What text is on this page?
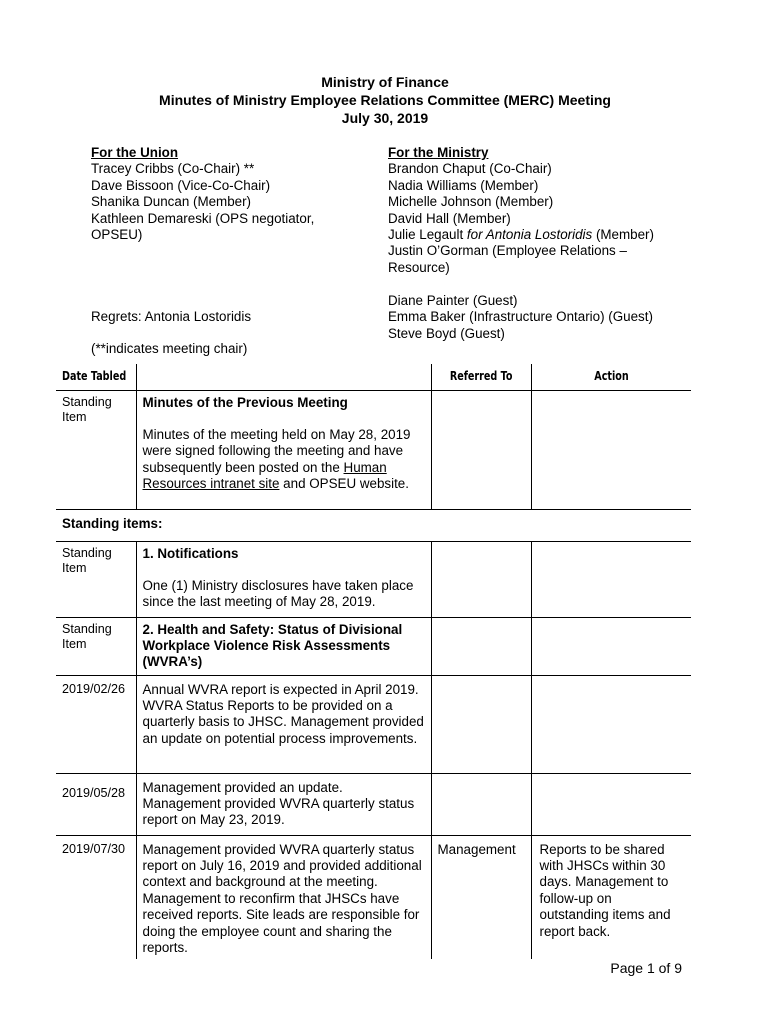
Ministry of Finance
Minutes of Ministry Employee Relations Committee (MERC) Meeting
July 30, 2019
For the Union
Tracey Cribbs (Co-Chair) **
Dave Bissoon (Vice-Co-Chair)
Shanika Duncan (Member)
Kathleen Demareski (OPS negotiator,
OPSEU)
Regrets: Antonia Lostoridis
(**indicates meeting chair)
For the Ministry
Brandon Chaput (Co-Chair)
Nadia Williams (Member)
Michelle Johnson (Member)
David Hall (Member)
Julie Legault for Antonia Lostoridis (Member)
Justin O’Gorman (Employee Relations –
Resource)
Diane Painter (Guest)
Emma Baker (Infrastructure Ontario) (Guest)
Steve Boyd (Guest)
Date Tabled		Referred To	Action
Standing Item	Minutes of the Previous Meeting
Minutes of the meeting held on May 28, 2019 were signed following the meeting and have subsequently been posted on the Human Resources intranet site and OPSEU website.		

Standing items:			
Standing Item	1. Notifications
One (1) Ministry disclosures have taken place since the last meeting of May 28, 2019.		

Standing Item	2. Health and Safety: Status of Divisional Workplace Violence Risk Assessments (WVRA’s)		

2019/02/26	Annual WVRA report is expected in April 2019. WVRA Status Reports to be provided on a quarterly basis to JHSC. Management provided an update on potential process improvements.		
2019/05/28	Management provided an update. Management provided WVRA quarterly status report on May 23, 2019.		
2019/07/30	Management provided WVRA quarterly status report on July 16, 2019 and provided additional context and background at the meeting. Management to reconfirm that JHSCs have received reports. Site leads are responsible for doing the employee count and sharing the reports.	Management	Reports to be shared with JHSCs within 30 days. Management to follow-up on outstanding items and report back.
Page 1 of 9
